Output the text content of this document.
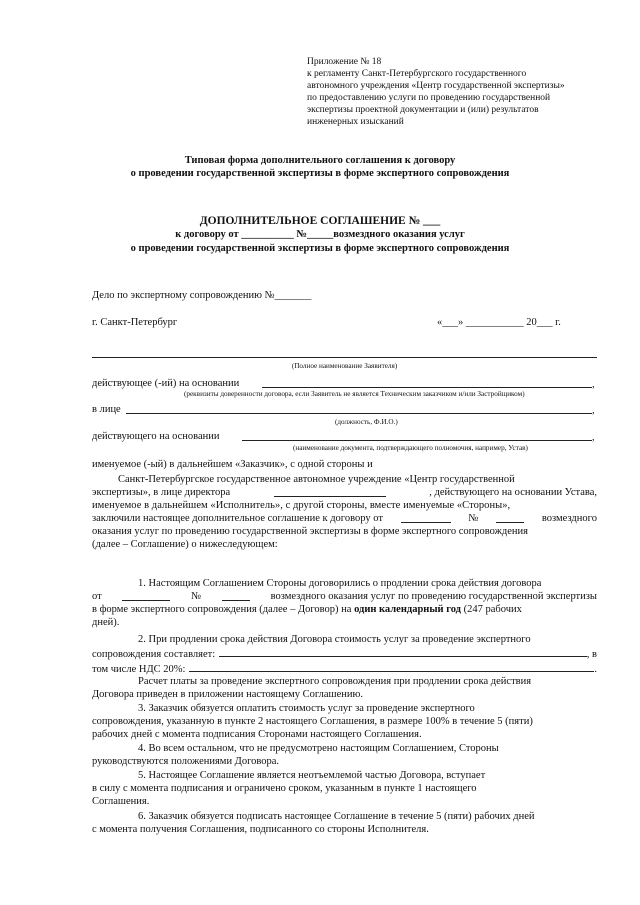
Приложение № 18
к регламенту Санкт-Петербургского государственного
автономного учреждения «Центр государственной экспертизы»
по предоставлению услуги по проведению государственной
экспертизы проектной документации и (или) результатов
инженерных изысканий
Типовая форма дополнительного соглашения к договору
о проведении государственной экспертизы в форме экспертного сопровождения
ДОПОЛНИТЕЛЬНОЕ СОГЛАШЕНИЕ № ___
к договору от __________ №_____возмездного оказания услуг
о проведении государственной экспертизы в форме экспертного сопровождения
Дело по экспертному сопровождению №_______
г. Санкт-Петербург	«___» ___________ 20___ г.
(Полное наименование Заявителя)
действующее (-ий) на основании	,
(реквизиты доверенности договора, если Заявитель не является Техническим заказчиком и/или Застройщиком)
в лице	,
(должность, Ф.И.О.)
действующего на основании	,
(наименование документа, подтверждающего полномочия, например, Устав)
именуемое (-ый) в дальнейшем «Заказчик», с одной стороны и
Санкт-Петербургское государственное автономное учреждение «Центр государственной
экспертизы», в лице директора	, действующего на основании Устава,
именуемое в дальнейшем «Исполнитель», с другой стороны, вместе именуемые «Стороны»,
заключили настоящее дополнительное соглашение к договору от	№	возмездного
оказания услуг по проведению государственной экспертизы в форме экспертного сопровождения
(далее – Соглашение) о нижеследующем:
1. Настоящим Соглашением Стороны договорились о продлении срока действия договора
от	№	возмездного оказания услуг по проведению государственной экспертизы
в форме экспертного сопровождения (далее – Договор) на один календарный год (247 рабочих
дней).
2. При продлении срока действия Договора стоимость услуг за проведение экспертного
сопровождения составляет:	, в
том числе НДС 20%:	.
Расчет платы за проведение экспертного сопровождения при продлении срока действия
Договора приведен в приложении настоящему Соглашению.
3. Заказчик обязуется оплатить стоимость услуг за проведение экспертного
сопровождения, указанную в пункте 2 настоящего Соглашения, в размере 100% в течение 5 (пяти)
рабочих дней с момента подписания Сторонами настоящего Соглашения.
4. Во всем остальном, что не предусмотрено настоящим Соглашением, Стороны
руководствуются положениями Договора.
5. Настоящее Соглашение является неотъемлемой частью Договора, вступает
в силу с момента подписания и ограничено сроком, указанным в пункте 1 настоящего
Соглашения.
6. Заказчик обязуется подписать настоящее Соглашение в течение 5 (пяти) рабочих дней
с момента получения Соглашения, подписанного со стороны Исполнителя.
